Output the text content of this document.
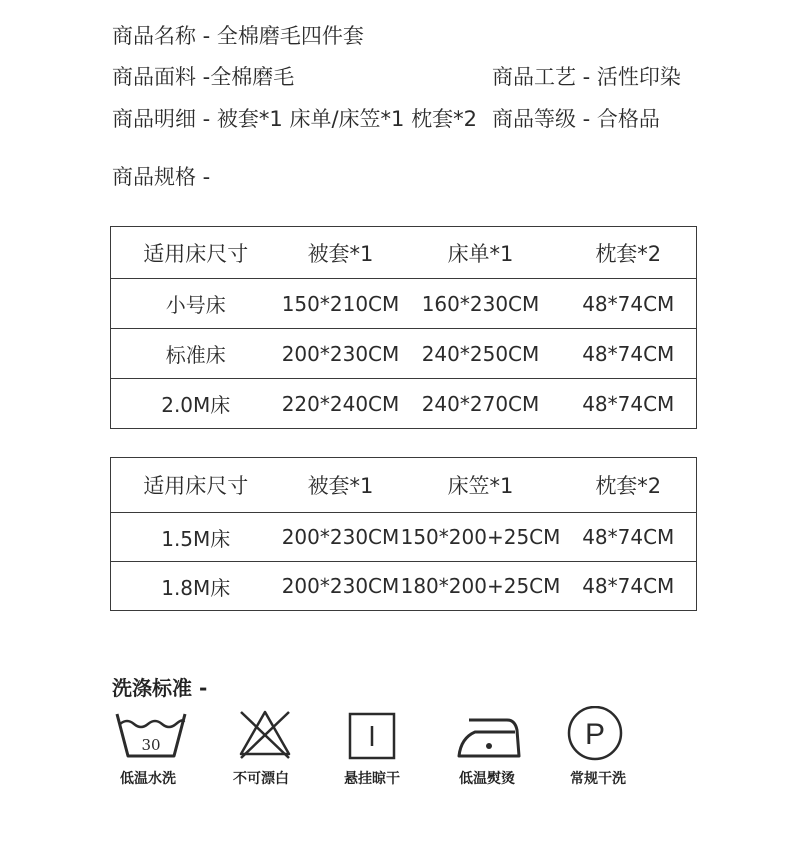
商品名称 - 全棉磨毛四件套
商品面料 -全棉磨毛	商品工艺 - 活性印染
商品明细 - 被套*1 床单/床笠*1 枕套*2 商品等级 - 合格品
商品规格 -
适用床尺寸	被套*1	床单*1	枕套*2
小号床	150*210CM	160*230CM	48*74CM
标准床	200*230CM	240*250CM	48*74CM
2.0M床	220*240CM	240*270CM	48*74CM
适用床尺寸	被套*1	床笠*1	枕套*2
1.5M床	200*230CM	150*200+25CM	48*74CM
1.8M床	200*230CM	180*200+25CM	48*74CM
洗涤标准 -
30	P
低温水洗	不可漂白	悬挂晾干	低温熨烫	常规干洗
